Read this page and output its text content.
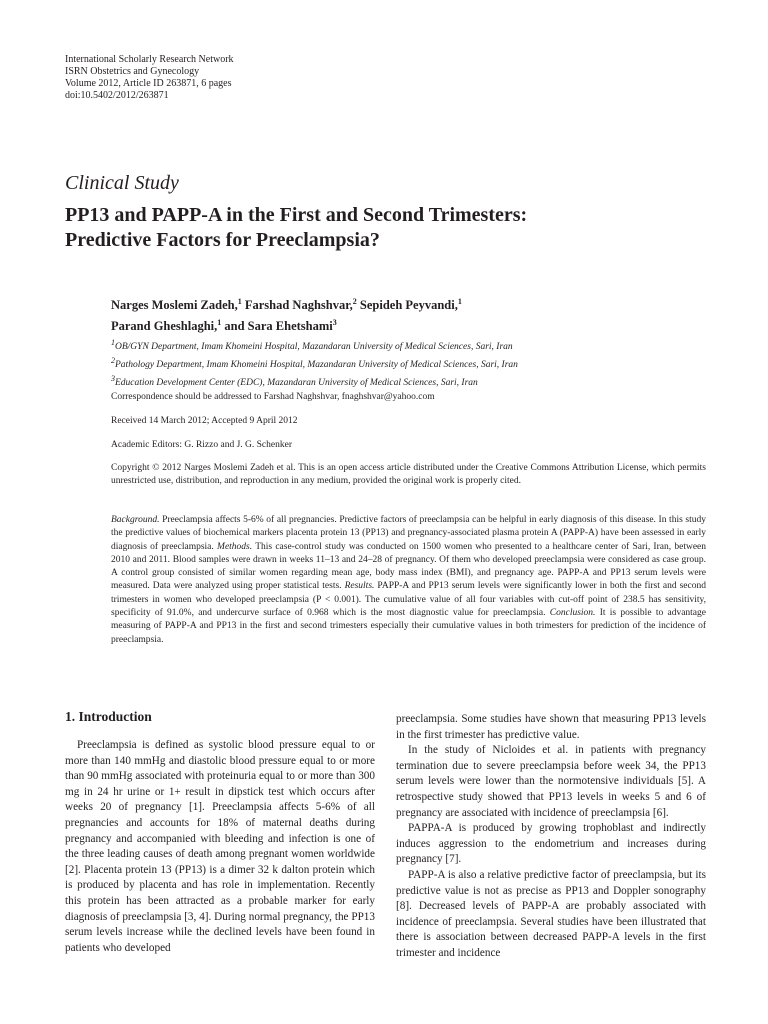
International Scholarly Research Network
ISRN Obstetrics and Gynecology
Volume 2012, Article ID 263871, 6 pages
doi:10.5402/2012/263871
Clinical Study
PP13 and PAPP-A in the First and Second Trimesters:
Predictive Factors for Preeclampsia?
Narges Moslemi Zadeh,$^1$ Farshad Naghshvar,$^2$ Sepideh Peyvandi,$^1$
Parand Gheshlaghi,$^1$ and Sara Ehetshami$^3$
$^1$OB/GYN Department, Imam Khomeini Hospital, Mazandaran University of Medical Sciences, Sari, Iran
$^2$Pathology Department, Imam Khomeini Hospital, Mazandaran University of Medical Sciences, Sari, Iran
$^3$Education Development Center (EDC), Mazandaran University of Medical Sciences, Sari, Iran
Correspondence should be addressed to Farshad Naghshvar, fnaghshvar@yahoo.com
Received 14 March 2012; Accepted 9 April 2012
Academic Editors: G. Rizzo and J. G. Schenker
Copyright © 2012 Narges Moslemi Zadeh et al. This is an open access article distributed under the Creative Commons Attribution License, which permits unrestricted use, distribution, and reproduction in any medium, provided the original work is properly cited.
Background. Preeclampsia affects 5-6% of all pregnancies. Predictive factors of preeclampsia can be helpful in early diagnosis of this disease. In this study the predictive values of biochemical markers placenta protein 13 (PP13) and pregnancy-associated plasma protein A (PAPP-A) have been assessed in early diagnosis of preeclampsia. Methods. This case-control study was conducted on 1500 women who presented to a healthcare center of Sari, Iran, between 2010 and 2011. Blood samples were drawn in weeks 11–13 and 24–28 of pregnancy. Of them who developed preeclampsia were considered as case group. A control group consisted of similar women regarding mean age, body mass index (BMI), and pregnancy age. PAPP-A and PP13 serum levels were measured. Data were analyzed using proper statistical tests. Results. PAPP-A and PP13 serum levels were significantly lower in both the first and second trimesters in women who developed preeclampsia (P < 0.001). The cumulative value of all four variables with cut-off point of 238.5 has sensitivity, specificity of 91.0%, and undercurve surface of 0.968 which is the most diagnostic value for preeclampsia. Conclusion. It is possible to advantage measuring of PAPP-A and PP13 in the first and second trimesters especially their cumulative values in both trimesters for prediction of the incidence of preeclampsia.
1. Introduction

Preeclampsia is defined as systolic blood pressure equal to or more than 140 mmHg and diastolic blood pressure equal to or more than 90 mmHg associated with proteinuria equal to or more than 300 mg in 24 hr urine or 1+ result in dipstick test which occurs after weeks 20 of pregnancy [1]. Preeclampsia affects 5-6% of all pregnancies and accounts for 18% of maternal deaths during pregnancy and accompanied with bleeding and infection is one of the three leading causes of death among pregnant women worldwide [2]. Placenta protein 13 (PP13) is a dimer 32 k dalton protein which is produced by placenta and has role in implementation. Recently this protein has been attracted as a probable marker for early diagnosis of preeclampsia [3, 4]. During normal pregnancy, the PP13 serum levels increase while the declined levels have been found in patients who developed

preeclampsia. Some studies have shown that measuring PP13 levels in the first trimester has predictive value.

In the study of Nicloides et al. in patients with pregnancy termination due to severe preeclampsia before week 34, the PP13 serum levels were lower than the normotensive individuals [5]. A retrospective study showed that PP13 levels in weeks 5 and 6 of pregnancy are associated with incidence of preeclampsia [6].

PAPPA-A is produced by growing trophoblast and indirectly induces aggression to the endometrium and increases during pregnancy [7].

PAPP-A is also a relative predictive factor of preeclampsia, but its predictive value is not as precise as PP13 and Doppler sonography [8]. Decreased levels of PAPP-A are probably associated with incidence of preeclampsia. Several studies have been illustrated that there is association between decreased PAPP-A levels in the first trimester and incidence
